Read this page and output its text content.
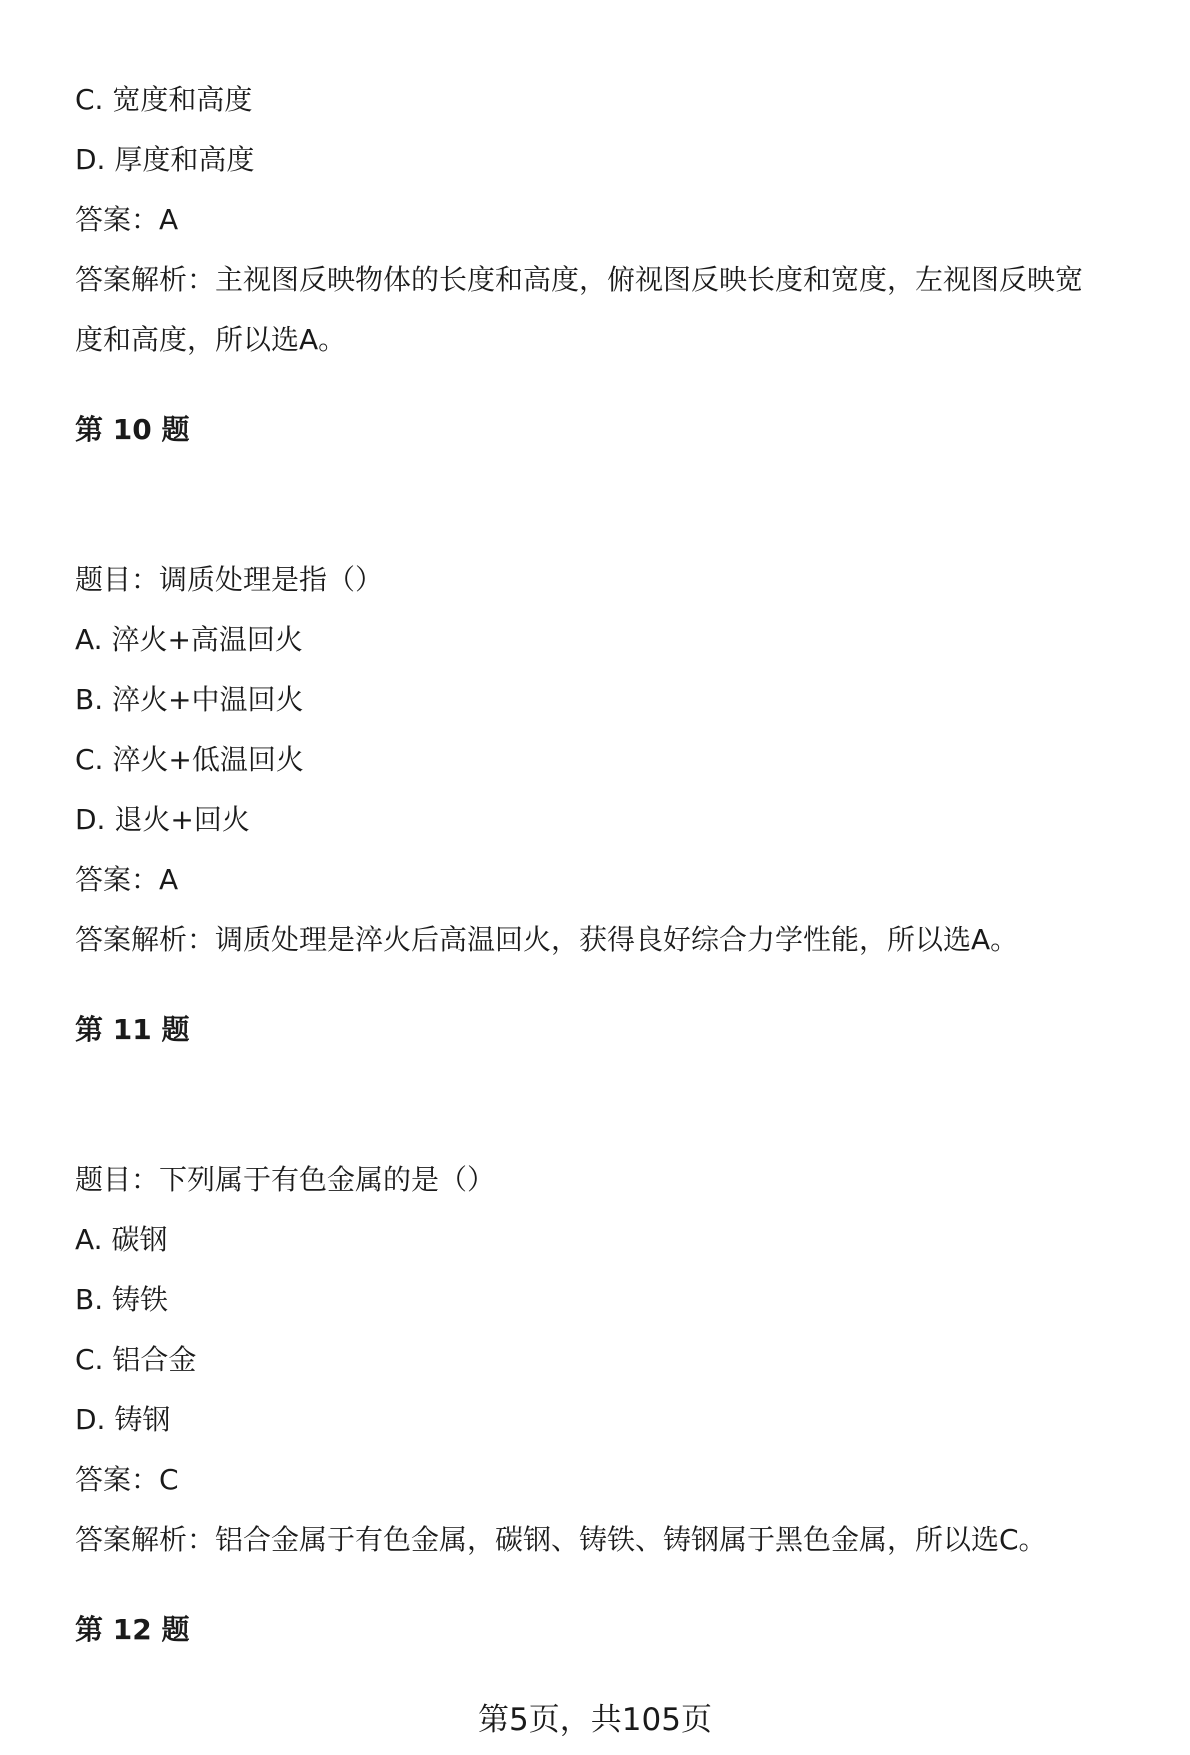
C. 宽度和高度
D. 厚度和高度
答案：A
答案解析：主视图反映物体的长度和高度，俯视图反映长度和宽度，左视图反映宽
度和高度，所以选A。
第 10 题
题目：调质处理是指（）
A. 淬火+高温回火
B. 淬火+中温回火
C. 淬火+低温回火
D. 退火+回火
答案：A
答案解析：调质处理是淬火后高温回火，获得良好综合力学性能，所以选A。
第 11 题
题目：下列属于有色金属的是（）
A. 碳钢
B. 铸铁
C. 铝合金
D. 铸钢
答案：C
答案解析：铝合金属于有色金属，碳钢、铸铁、铸钢属于黑色金属，所以选C。
第 12 题
第5页，共105页
